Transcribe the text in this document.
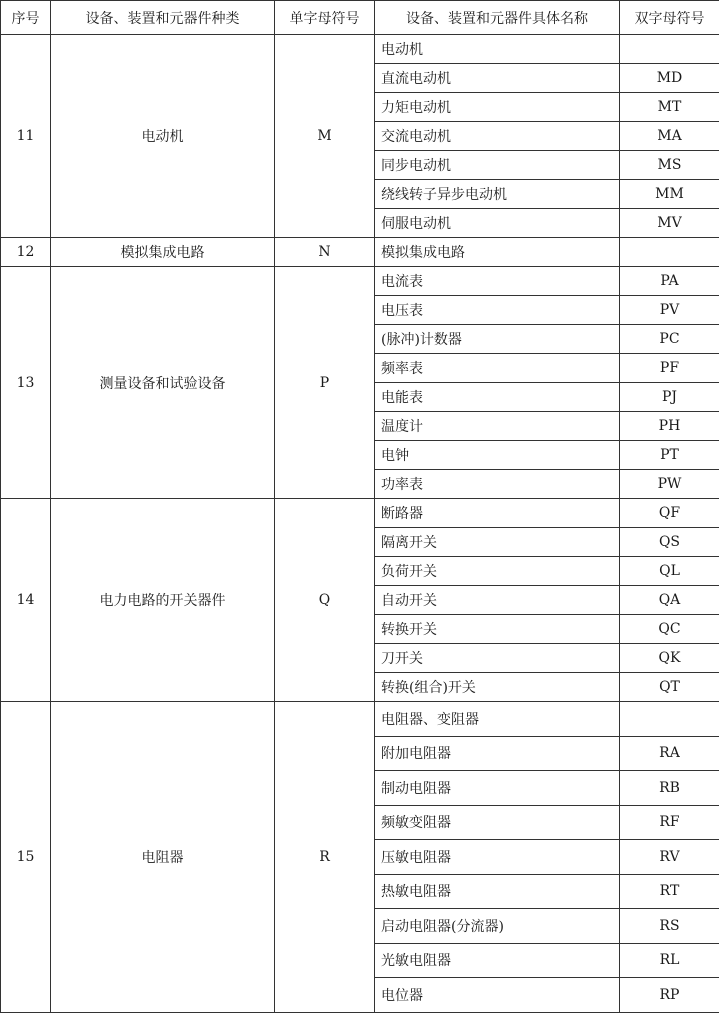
序号	设备、装置和元器件种类	单字母符号	设备、装置和元器件具体名称	双字母符号
11	电动机	M	电动机	
			直流电动机	MD
			力矩电动机	MT
			交流电动机	MA
			同步电动机	MS
			绕线转子异步电动机	MM
			伺服电动机	MV
12	模拟集成电路	N	模拟集成电路	
13	测量设备和试验设备	P	电流表	PA
			电压表	PV
			(脉冲)计数器	PC
			频率表	PF
			电能表	PJ
			温度计	PH
			电钟	PT
			功率表	PW
14	电力电路的开关器件	Q	断路器	QF
			隔离开关	QS
			负荷开关	QL
			自动开关	QA
			转换开关	QC
			刀开关	QK
			转换(组合)开关	QT
15	电阻器	R	电阻器、变阻器	
			附加电阻器	RA
			制动电阻器	RB
			频敏变阻器	RF
			压敏电阻器	RV
			热敏电阻器	RT
			启动电阻器(分流器)	RS
			光敏电阻器	RL
			电位器	RP
